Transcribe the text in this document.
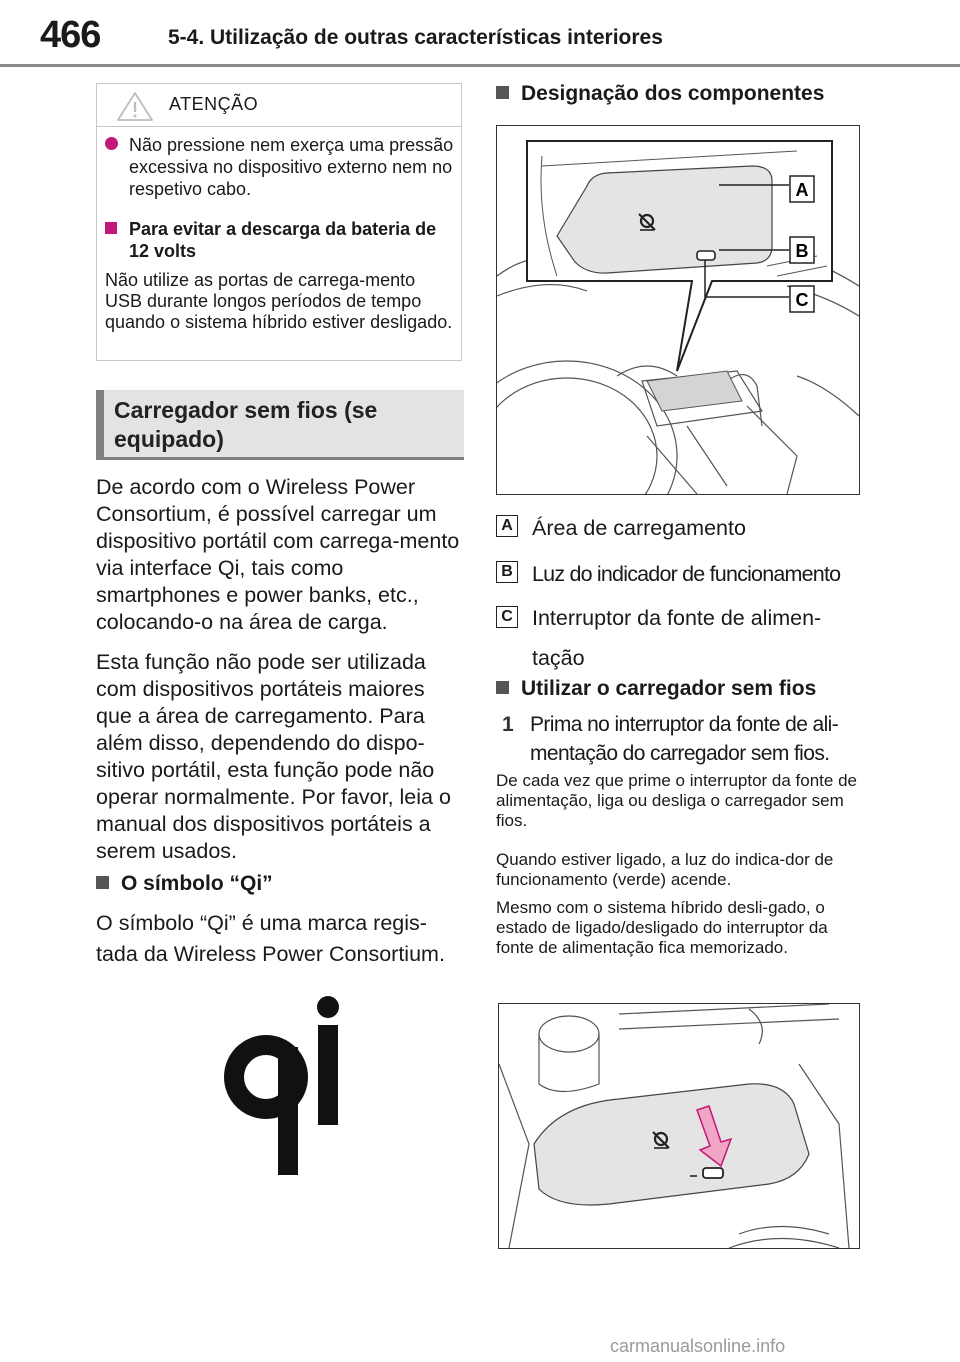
466	5-4. Utilização de outras características interiores
ATENÇÃO
Não pressione nem exerça uma pressão excessiva no dispositivo externo nem no respetivo cabo.
Para evitar a descarga da bateria de 12 volts
Não utilize as portas de carrega-mento USB durante longos períodos de tempo quando o sistema híbrido estiver desligado.
Carregador sem fios (se equipado)
De acordo com o Wireless Power Consortium, é possível carregar um dispositivo portátil com carrega-mento via interface Qi, tais como smartphones e power banks, etc., colocando-o na área de carga.
Esta função não pode ser utilizada com dispositivos portáteis maiores que a área de carregamento. Para além disso, dependendo do dispo-sitivo portátil, esta função pode não operar normalmente. Por favor, leia o manual dos dispositivos portáteis a serem usados.
O símbolo “Qi”
O símbolo “Qi” é uma marca regis-tada da Wireless Power Consortium.
Designação dos componentes
A
B
C
A Área de carregamento
B Luz do indicador de funcionamento
C Interruptor da fonte de alimen-tação
Utilizar o carregador sem fios
1 Prima no interruptor da fonte de ali-mentação do carregador sem fios.
De cada vez que prime o interruptor da fonte de alimentação, liga ou desliga o carregador sem fios.
Quando estiver ligado, a luz do indica-dor de funcionamento (verde) acende.
Mesmo com o sistema híbrido desli-gado, o estado de ligado/desligado do interruptor da fonte de alimentação fica memorizado.
carmanualsonline.info
